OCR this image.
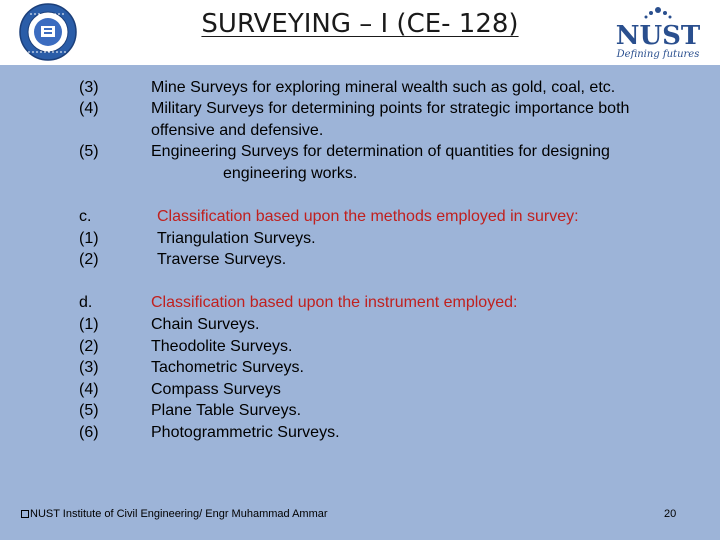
SURVEYING – I (CE- 128)	NUST
Defining futures
(3)	Mine Surveys for exploring mineral wealth such as gold, coal, etc.
(4)	Military Surveys for determining points for strategic importance both
offensive and defensive.
(5)	Engineering Surveys for determination of quantities for designing
engineering works.
c.	Classification based upon the methods employed in survey:
(1)	Triangulation Surveys.
(2)	Traverse Surveys.
d.	Classification based upon the instrument employed:
(1)	Chain Surveys.
(2)	Theodolite Surveys.
(3)	Tachometric Surveys.
(4)	Compass Surveys
(5)	Plane Table Surveys.
(6)	Photogrammetric Surveys.
NUST Institute of Civil Engineering/ Engr Muhammad Ammar	20
